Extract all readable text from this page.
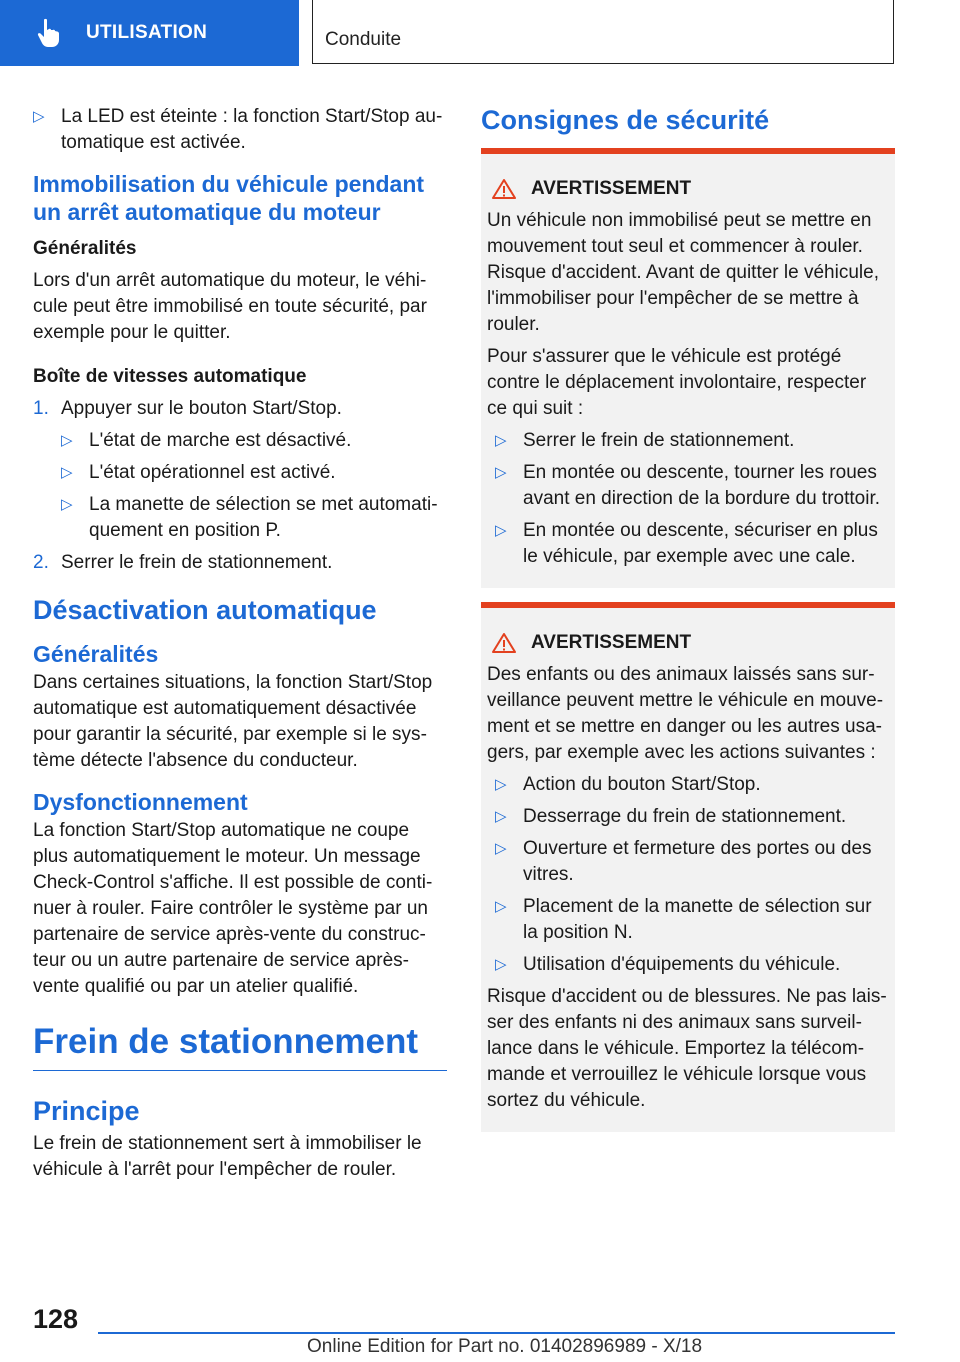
UTILISATION	Conduite
▷ La LED est éteinte : la fonction Start/Stop automatique est activée.
Immobilisation du véhicule pendant un arrêt automatique du moteur
Généralités

Lors d'un arrêt automatique du moteur, le véhicule peut être immobilisé en toute sécurité, par exemple pour le quitter.

Boîte de vitesses automatique
1. Appuyer sur le bouton Start/Stop.
▷ L'état de marche est désactivé.
▷ L'état opérationnel est activé.
▷ La manette de sélection se met automatiquement en position P.
2. Serrer le frein de stationnement.
Désactivation automatique
Généralités

Dans certaines situations, la fonction Start/Stop automatique est automatiquement désactivée pour garantir la sécurité, par exemple si le système détecte l'absence du conducteur.

Dysfonctionnement

La fonction Start/Stop automatique ne coupe plus automatiquement le moteur. Un message Check-Control s'affiche. Il est possible de continuer à rouler. Faire contrôler le système par un partenaire de service après-vente du constructeur ou un autre partenaire de service après-vente qualifié ou par un atelier qualifié.

Frein de stationnement
Principe

Le frein de stationnement sert à immobiliser le véhicule à l'arrêt pour l'empêcher de rouler.

Consignes de sécurité
AVERTISSEMENT

Un véhicule non immobilisé peut se mettre en mouvement tout seul et commencer à rouler. Risque d'accident. Avant de quitter le véhicule, l'immobiliser pour l'empêcher de se mettre à rouler.

Pour s'assurer que le véhicule est protégé contre le déplacement involontaire, respecter ce qui suit :

▷ Serrer le frein de stationnement.
▷ En montée ou descente, tourner les roues avant en direction de la bordure du trottoir.
▷ En montée ou descente, sécuriser en plus le véhicule, par exemple avec une cale.
AVERTISSEMENT

Des enfants ou des animaux laissés sans surveillance peuvent mettre le véhicule en mouvement et se mettre en danger ou les autres usagers, par exemple avec les actions suivantes :

▷ Action du bouton Start/Stop.
▷ Desserrage du frein de stationnement.
▷ Ouverture et fermeture des portes ou des vitres.
▷ Placement de la manette de sélection sur la position N.
▷ Utilisation d'équipements du véhicule.

Risque d'accident ou de blessures. Ne pas laisser des enfants ni des animaux sans surveillance dans le véhicule. Emportez la télécommande et verrouillez le véhicule lorsque vous sortez du véhicule.

128
Online Edition for Part no. 01402896989 - X/18
